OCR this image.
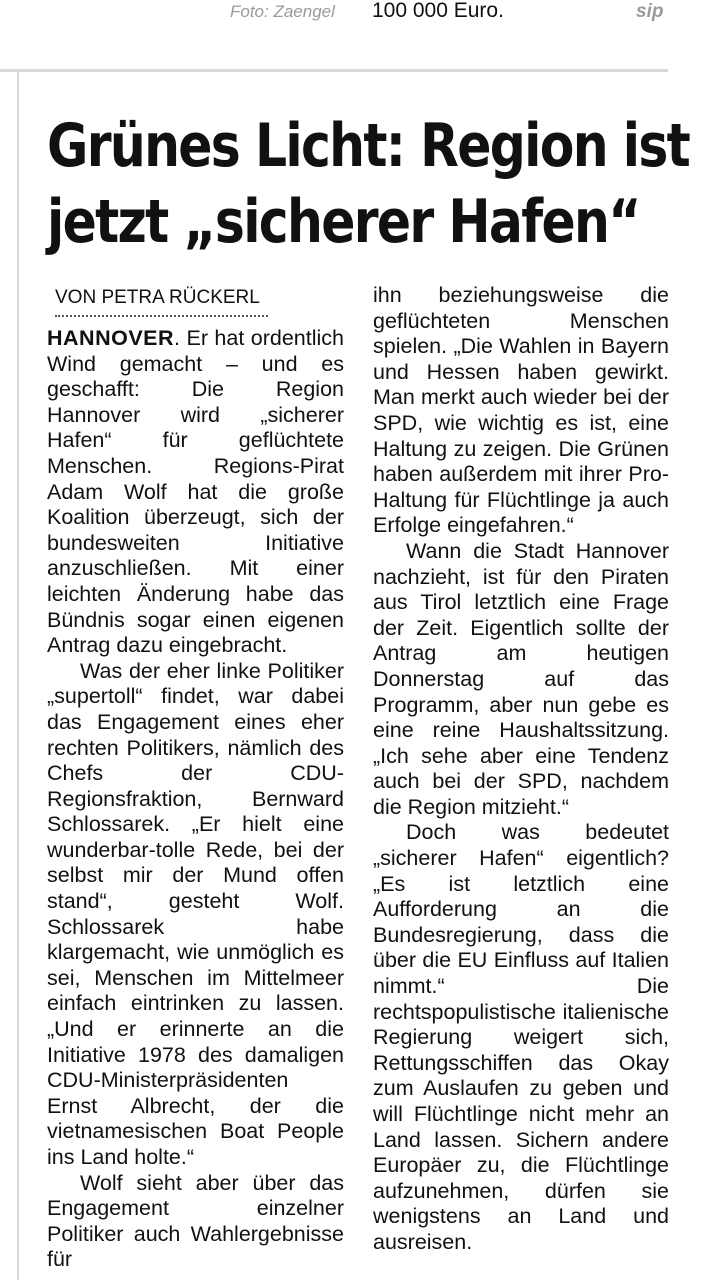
Foto: Zaengel 100 000 Euro.	sip
Grünes Licht: Region ist
jetzt „sicherer Hafen“
VON PETRA RÜCKERL

HANNOVER. Er hat ordentlich Wind gemacht – und es geschafft: Die Region Hannover wird „sicherer Hafen“ für geflüchtete Menschen. Regions-Pirat Adam Wolf hat die große Koalition überzeugt, sich der bundesweiten Initiative anzuschließen. Mit einer leichten Änderung habe das Bündnis sogar einen eigenen Antrag dazu eingebracht.

Was der eher linke Politiker „supertoll“ findet, war dabei das Engagement eines eher rechten Politikers, nämlich des Chefs der CDU-Regionsfraktion, Bernward Schlossarek. „Er hielt eine wunderbar-tolle Rede, bei der selbst mir der Mund offen stand“, gesteht Wolf. Schlossarek habe klargemacht, wie unmöglich es sei, Menschen im Mittelmeer einfach eintrinken zu lassen. „Und er erinnerte an die Initiative 1978 des damaligen CDU-Ministerpräsidenten Ernst Albrecht, der die vietnamesischen Boat People ins Land holte.“

Wolf sieht aber über das Engagement einzelner Politiker auch Wahlergebnisse für

ihn beziehungsweise die geflüchteten Menschen spielen. „Die Wahlen in Bayern und Hessen haben gewirkt. Man merkt auch wieder bei der SPD, wie wichtig es ist, eine Haltung zu zeigen. Die Grünen haben außerdem mit ihrer Pro-Haltung für Flüchtlinge ja auch Erfolge eingefahren.“

Wann die Stadt Hannover nachzieht, ist für den Piraten aus Tirol letztlich eine Frage der Zeit. Eigentlich sollte der Antrag am heutigen Donnerstag auf das Programm, aber nun gebe es eine reine Haushaltssitzung. „Ich sehe aber eine Tendenz auch bei der SPD, nachdem die Region mitzieht.“

Doch was bedeutet „sicherer Hafen“ eigentlich? „Es ist letztlich eine Aufforderung an die Bundesregierung, dass die über die EU Einfluss auf Italien nimmt.“ Die rechtspopulistische italienische Regierung weigert sich, Rettungsschiffen das Okay zum Auslaufen zu geben und will Flüchtlinge nicht mehr an Land lassen. Sichern andere Europäer zu, die Flüchtlinge aufzunehmen, dürfen sie wenigstens an Land und ausreisen.
